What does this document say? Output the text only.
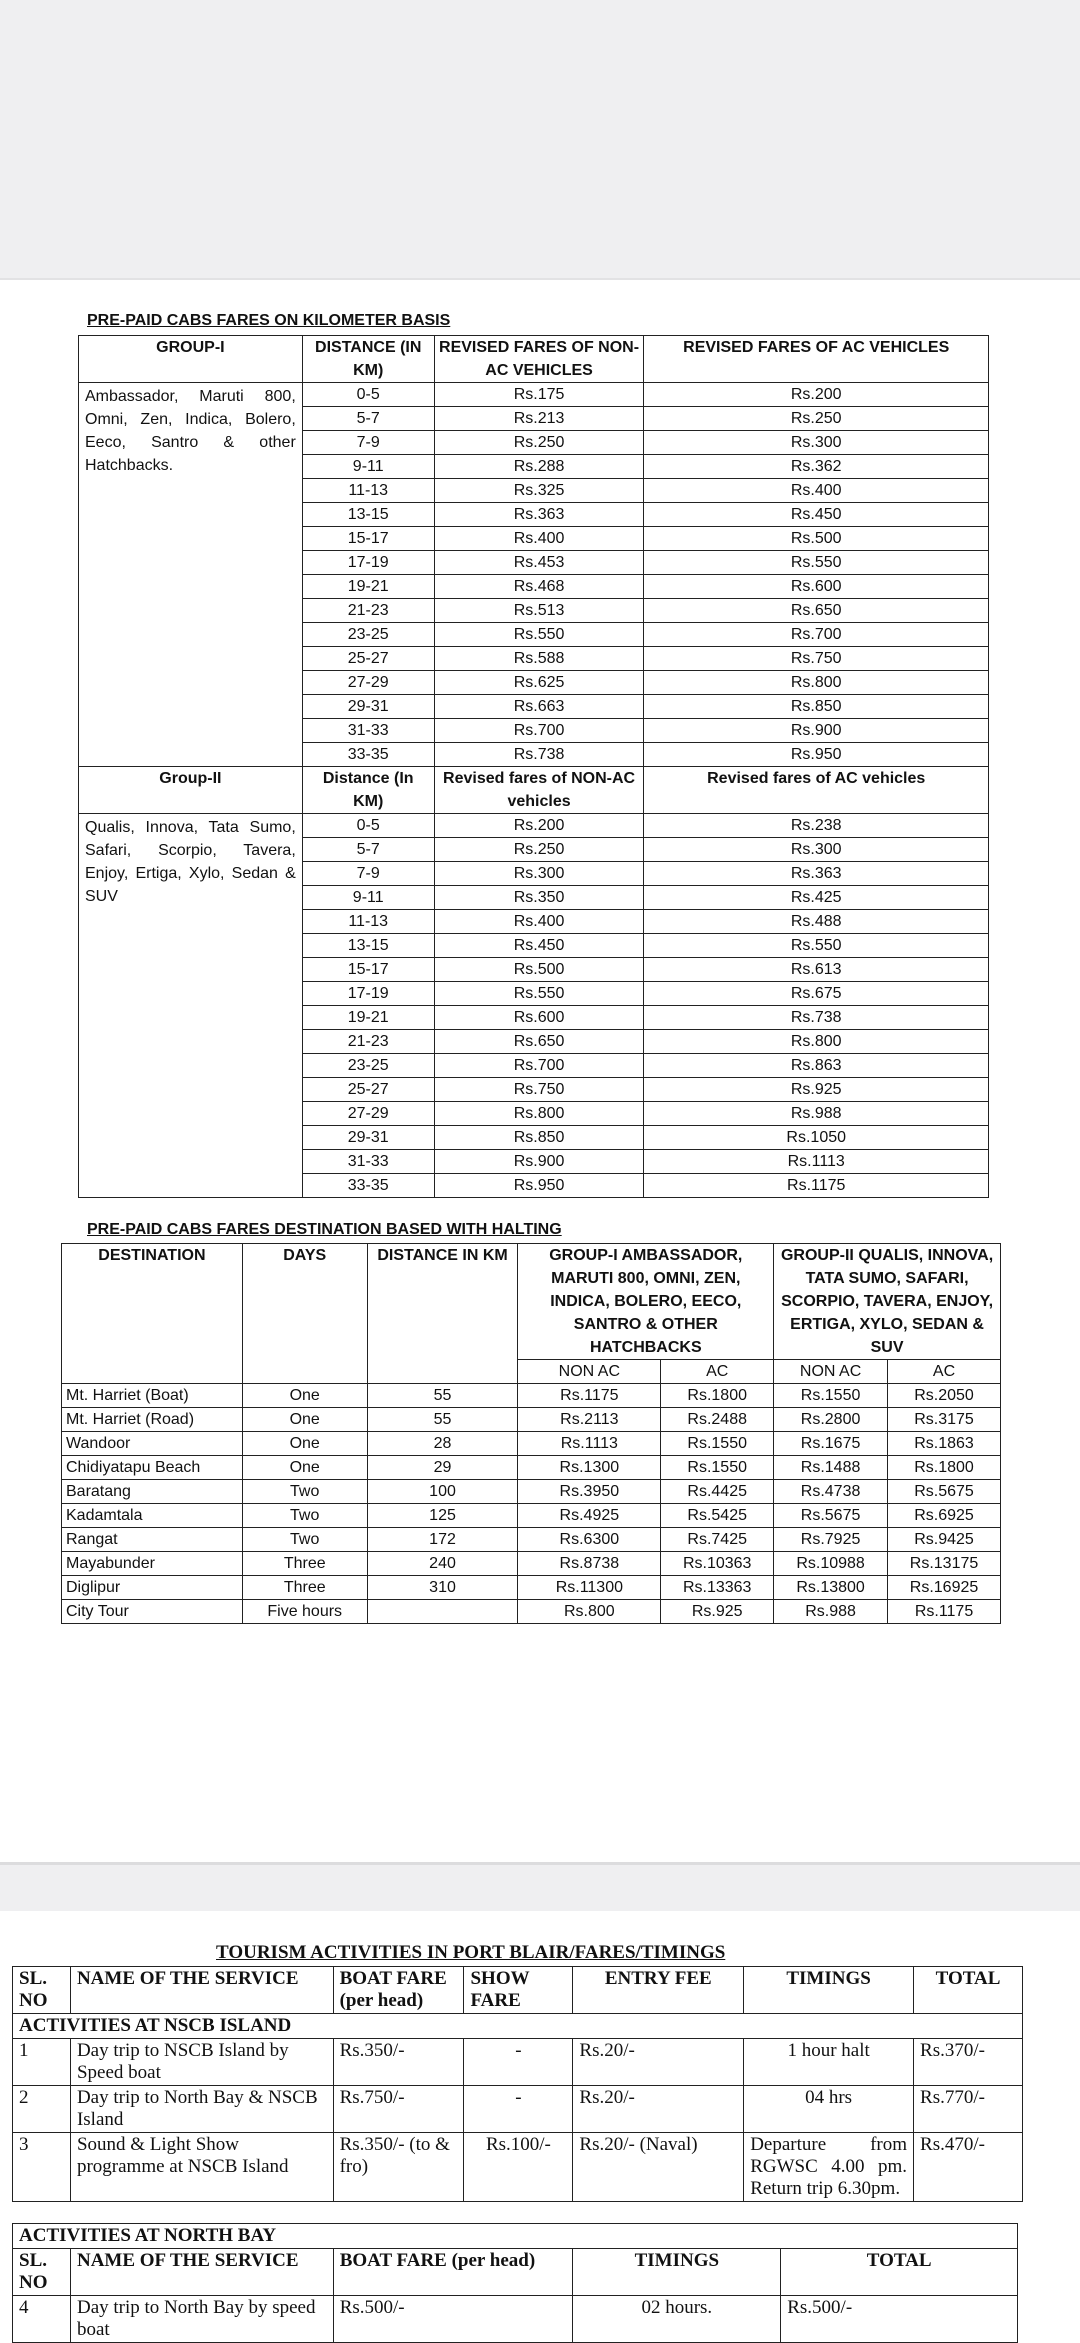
PRE-PAID CABS FARES ON KILOMETER BASIS
GROUP-I	DISTANCE (IN KM)	REVISED FARES OF NON-AC VEHICLES	REVISED FARES OF AC VEHICLES
Ambassador, Maruti 800, Omni, Zen, Indica, Bolero, Eeco, Santro & other Hatchbacks.	0-5	Rs.175	Rs.200
	5-7	Rs.213	Rs.250
	7-9	Rs.250	Rs.300
	9-11	Rs.288	Rs.362
	11-13	Rs.325	Rs.400
	13-15	Rs.363	Rs.450
	15-17	Rs.400	Rs.500
	17-19	Rs.453	Rs.550
	19-21	Rs.468	Rs.600
	21-23	Rs.513	Rs.650
	23-25	Rs.550	Rs.700
	25-27	Rs.588	Rs.750
	27-29	Rs.625	Rs.800
	29-31	Rs.663	Rs.850
	31-33	Rs.700	Rs.900
	33-35	Rs.738	Rs.950
Group-II	Distance (In KM)	Revised fares of NON-AC vehicles	Revised fares of AC vehicles
Qualis, Innova, Tata Sumo, Safari, Scorpio, Tavera, Enjoy, Ertiga, Xylo, Sedan & SUV	0-5	Rs.200	Rs.238
	5-7	Rs.250	Rs.300
	7-9	Rs.300	Rs.363
	9-11	Rs.350	Rs.425
	11-13	Rs.400	Rs.488
	13-15	Rs.450	Rs.550
	15-17	Rs.500	Rs.613
	17-19	Rs.550	Rs.675
	19-21	Rs.600	Rs.738
	21-23	Rs.650	Rs.800
	23-25	Rs.700	Rs.863
	25-27	Rs.750	Rs.925
	27-29	Rs.800	Rs.988
	29-31	Rs.850	Rs.1050
	31-33	Rs.900	Rs.1113
	33-35	Rs.950	Rs.1175
PRE-PAID CABS FARES DESTINATION BASED WITH HALTING
DESTINATION	DAYS	DISTANCE IN KM	GROUP-I AMBASSADOR, MARUTI 800, OMNI, ZEN, INDICA, BOLERO, EECO, SANTRO & OTHER HATCHBACKS		GROUP-II QUALIS, INNOVA, TATA SUMO, SAFARI, SCORPIO, TAVERA, ENJOY, ERTIGA, XYLO, SEDAN & SUV	
			NON AC	AC	NON AC	AC
Mt. Harriet (Boat)	One	55	Rs.1175	Rs.1800	Rs.1550	Rs.2050
Mt. Harriet (Road)	One	55	Rs.2113	Rs.2488	Rs.2800	Rs.3175
Wandoor	One	28	Rs.1113	Rs.1550	Rs.1675	Rs.1863
Chidiyatapu Beach	One	29	Rs.1300	Rs.1550	Rs.1488	Rs.1800
Baratang	Two	100	Rs.3950	Rs.4425	Rs.4738	Rs.5675
Kadamtala	Two	125	Rs.4925	Rs.5425	Rs.5675	Rs.6925
Rangat	Two	172	Rs.6300	Rs.7425	Rs.7925	Rs.9425
Mayabunder	Three	240	Rs.8738	Rs.10363	Rs.10988	Rs.13175
Diglipur	Three	310	Rs.11300	Rs.13363	Rs.13800	Rs.16925
City Tour	Five hours		Rs.800	Rs.925	Rs.988	Rs.1175
TOURISM ACTIVITIES IN PORT BLAIR/FARES/TIMINGS
SL. NO	NAME OF THE SERVICE	BOAT FARE (per head)	SHOW FARE	ENTRY FEE	TIMINGS	TOTAL
ACTIVITIES AT NSCB ISLAND						
1	Day trip to NSCB Island by Speed boat	Rs.350/-	-	Rs.20/-	1 hour halt	Rs.370/-
2	Day trip to North Bay & NSCB Island	Rs.750/-	-	Rs.20/-	04 hrs	Rs.770/-
3	Sound & Light Show programme at NSCB Island	Rs.350/- (to & fro)	Rs.100/-	Rs.20/- (Naval)	Departure from RGWSC 4.00 pm. Return trip 6.30pm.	Rs.470/-
ACTIVITIES AT NORTH BAY				
SL. NO	NAME OF THE SERVICE	BOAT FARE (per head)	TIMINGS	TOTAL
4	Day trip to North Bay by speed boat	Rs.500/-	02 hours.	Rs.500/-
